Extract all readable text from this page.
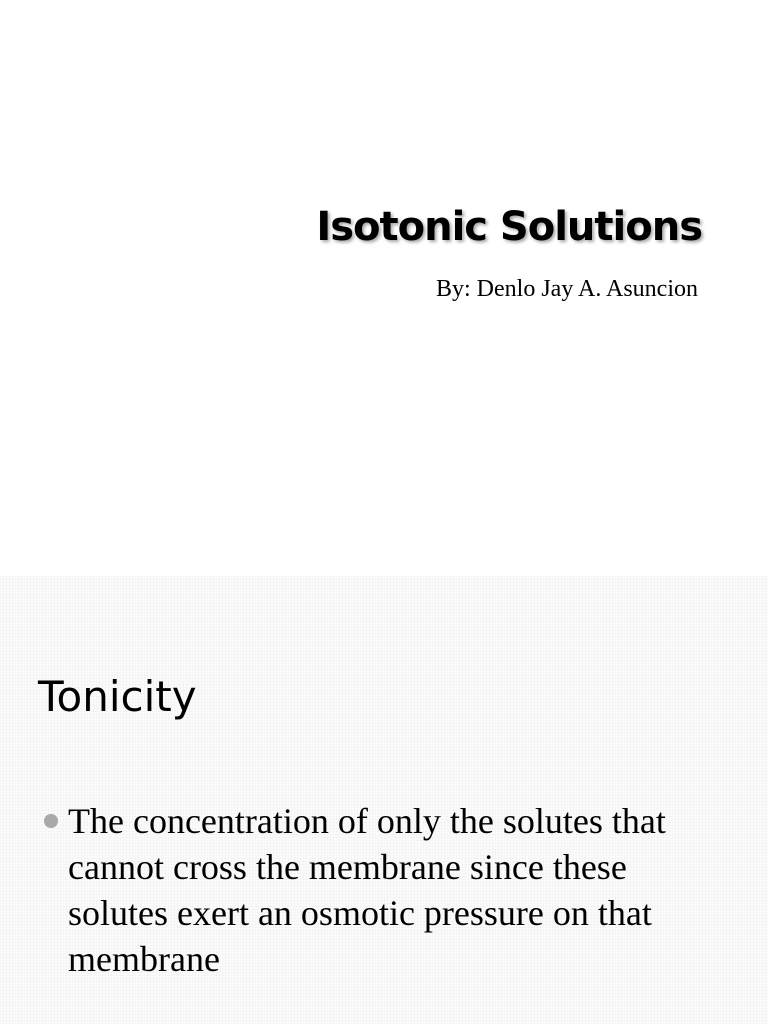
Isotonic Solutions

By: Denlo Jay A. Asuncion

Tonicity
The concentration of only the solutes that cannot cross the membrane since these solutes exert an osmotic pressure on that membrane
